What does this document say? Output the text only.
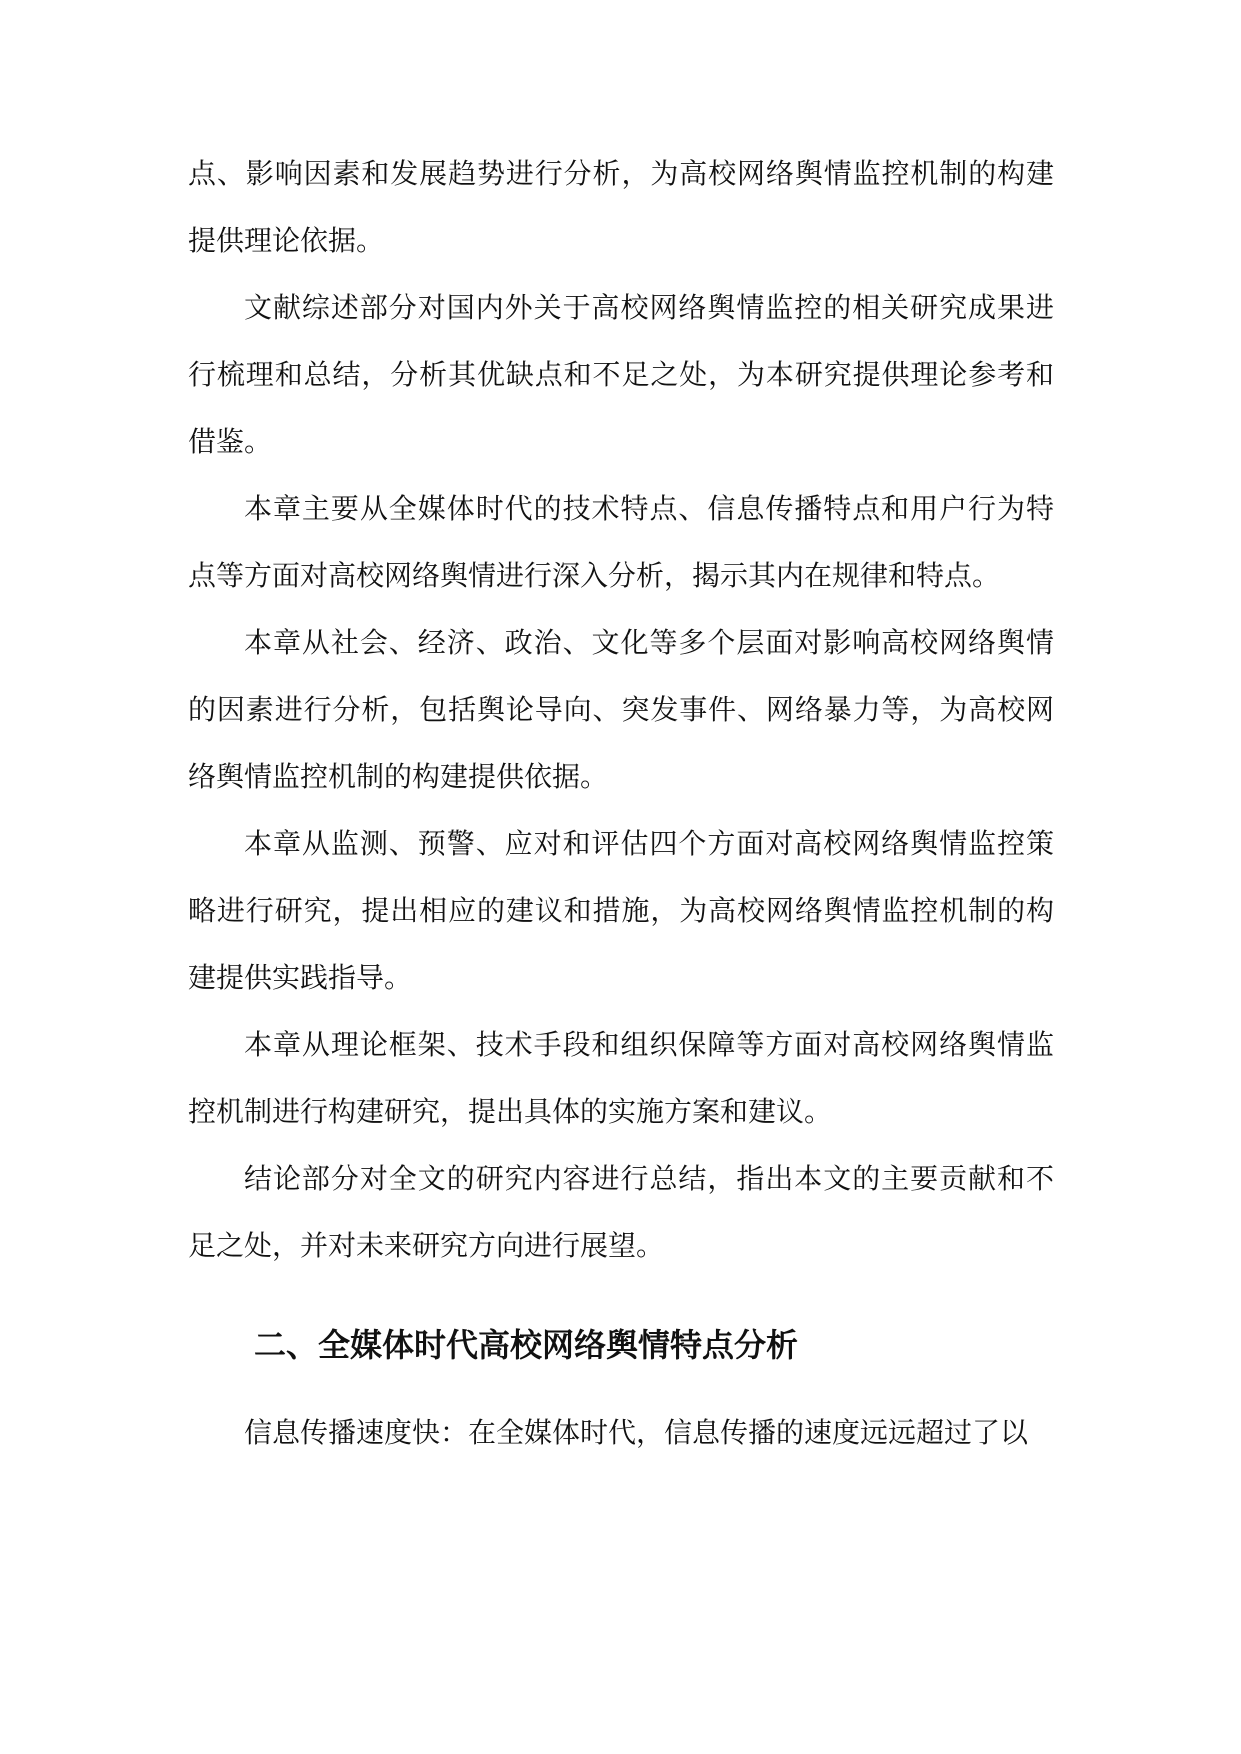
点、影响因素和发展趋势进行分析，为高校网络舆情监控机制的构建提供理论依据。

文献综述部分对国内外关于高校网络舆情监控的相关研究成果进行梳理和总结，分析其优缺点和不足之处，为本研究提供理论参考和借鉴。

本章主要从全媒体时代的技术特点、信息传播特点和用户行为特点等方面对高校网络舆情进行深入分析，揭示其内在规律和特点。

本章从社会、经济、政治、文化等多个层面对影响高校网络舆情的因素进行分析，包括舆论导向、突发事件、网络暴力等，为高校网络舆情监控机制的构建提供依据。

本章从监测、预警、应对和评估四个方面对高校网络舆情监控策略进行研究，提出相应的建议和措施，为高校网络舆情监控机制的构建提供实践指导。

本章从理论框架、技术手段和组织保障等方面对高校网络舆情监控机制进行构建研究，提出具体的实施方案和建议。

结论部分对全文的研究内容进行总结，指出本文的主要贡献和不足之处，并对未来研究方向进行展望。

二、全媒体时代高校网络舆情特点分析

信息传播速度快：在全媒体时代，信息传播的速度远远超过了以
